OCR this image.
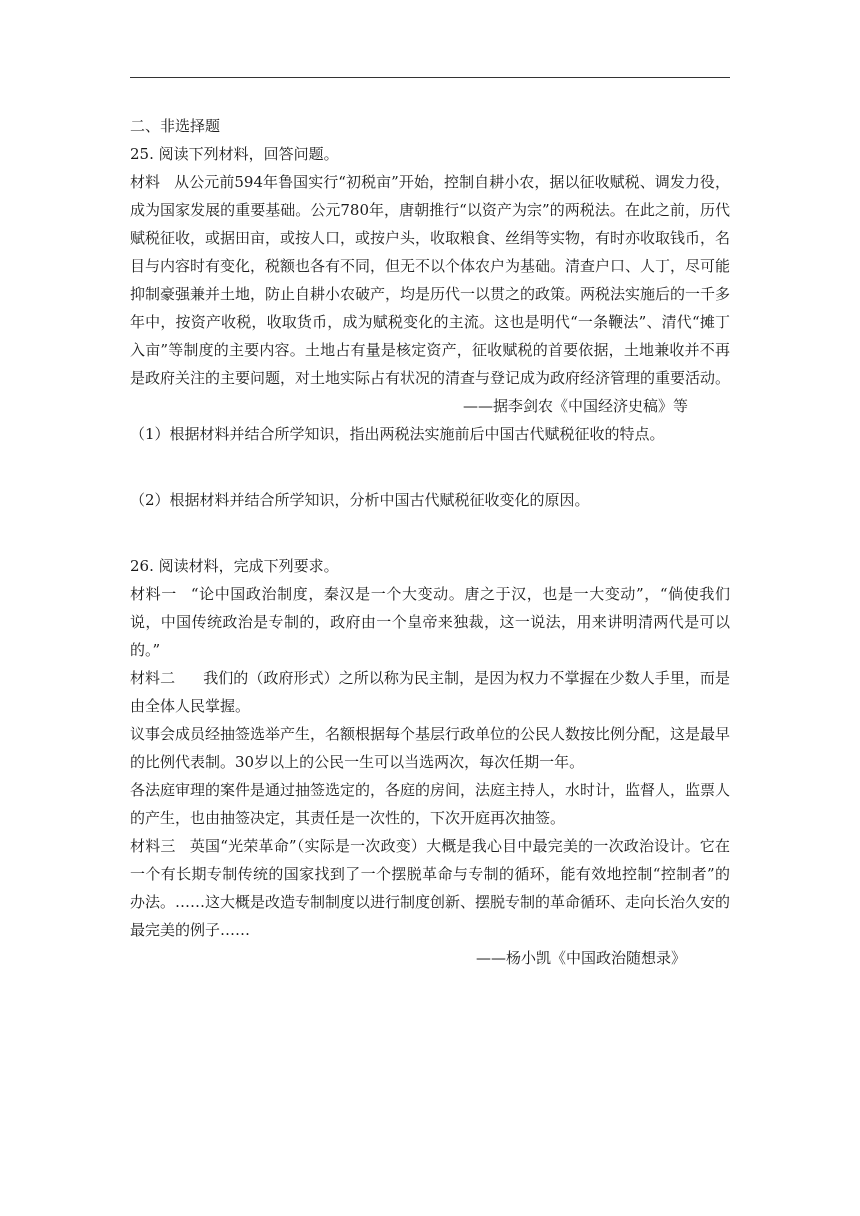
二、非选择题
25. 阅读下列材料，回答问题。
材料 从公元前594年鲁国实行“初税亩”开始，控制自耕小农，据以征收赋税、调发力役，成为国家发展的重要基础。公元780年，唐朝推行“以资产为宗”的两税法。在此之前，历代赋税征收，或据田亩，或按人口，或按户头，收取粮食、丝绢等实物，有时亦收取钱币，名目与内容时有变化，税额也各有不同，但无不以个体农户为基础。清查户口、人丁，尽可能抑制豪强兼并土地，防止自耕小农破产，均是历代一以贯之的政策。两税法实施后的一千多年中，按资产收税，收取货币，成为赋税变化的主流。这也是明代“一条鞭法”、清代“摊丁入亩”等制度的主要内容。土地占有量是核定资产，征收赋税的首要依据，土地兼收并不再是政府关注的主要问题，对土地实际占有状况的清查与登记成为政府经济管理的重要活动。
——据李剑农《中国经济史稿》等
（1）根据材料并结合所学知识，指出两税法实施前后中国古代赋税征收的特点。
（2）根据材料并结合所学知识，分析中国古代赋税征收变化的原因。
26. 阅读材料，完成下列要求。
材料一 “论中国政治制度，秦汉是一个大变动。唐之于汉，也是一大变动”，“倘使我们说，中国传统政治是专制的，政府由一个皇帝来独裁，这一说法，用来讲明清两代是可以的。”
材料二 我们的（政府形式）之所以称为民主制，是因为权力不掌握在少数人手里，而是由全体人民掌握。
议事会成员经抽签选举产生，名额根据每个基层行政单位的公民人数按比例分配，这是最早的比例代表制。30岁以上的公民一生可以当选两次，每次任期一年。
各法庭审理的案件是通过抽签选定的，各庭的房间，法庭主持人，水时计，监督人，监票人的产生，也由抽签决定，其责任是一次性的，下次开庭再次抽签。
材料三 英国“光荣革命”（实际是一次政变）大概是我心目中最完美的一次政治设计。它在一个有长期专制传统的国家找到了一个摆脱革命与专制的循环，能有效地控制“控制者”的办法。……这大概是改造专制制度以进行制度创新、摆脱专制的革命循环、走向长治久安的最完美的例子……
——杨小凯《中国政治随想录》
